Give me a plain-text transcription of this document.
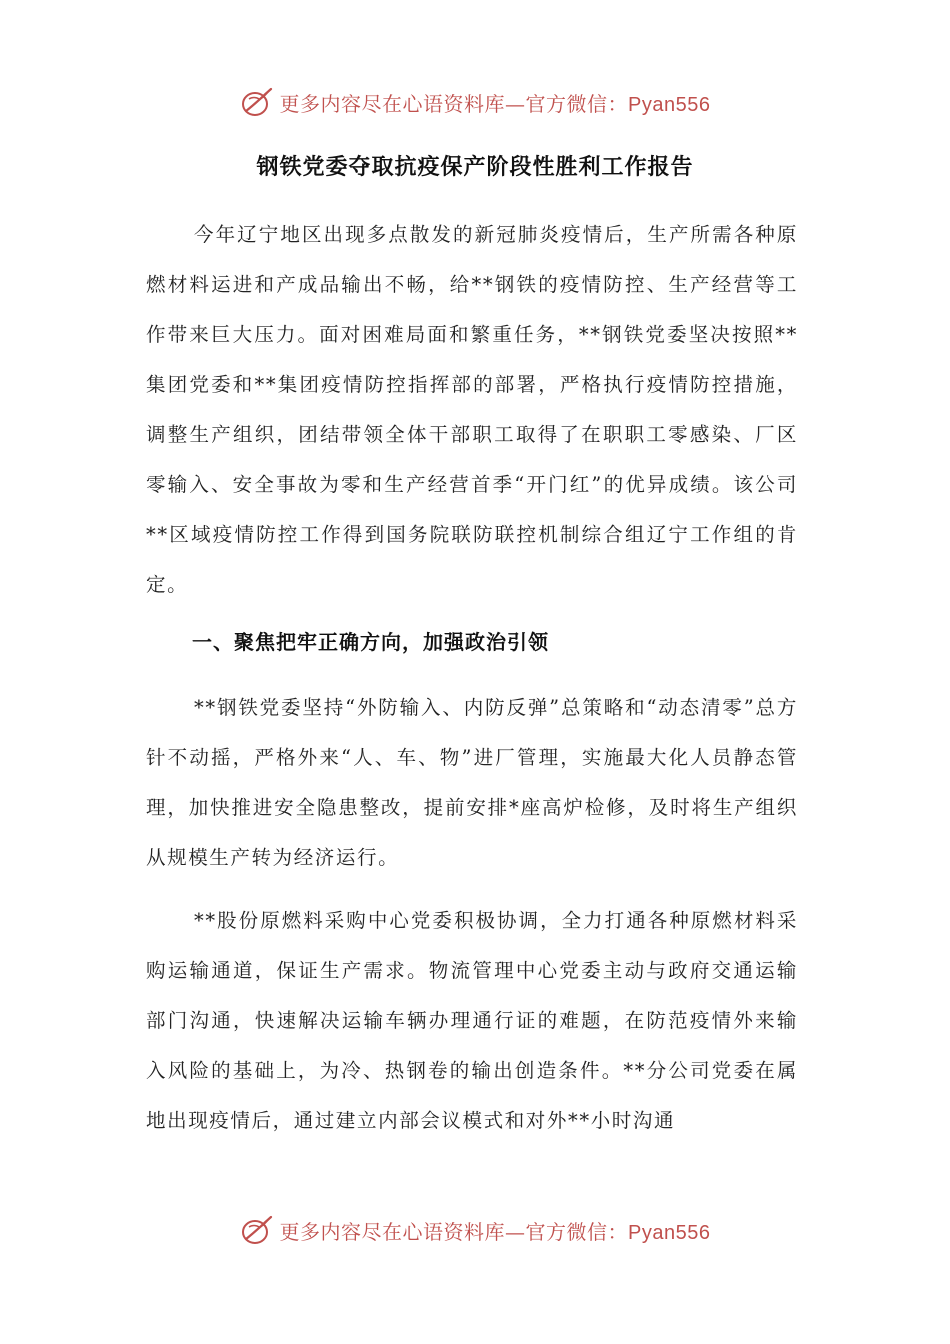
更多内容尽在心语资料库—官方微信：Pyan556
钢铁党委夺取抗疫保产阶段性胜利工作报告

今年辽宁地区出现多点散发的新冠肺炎疫情后，生产所需各种原燃材料运进和产成品输出不畅，给**钢铁的疫情防控、生产经营等工作带来巨大压力。面对困难局面和繁重任务，**钢铁党委坚决按照**集团党委和**集团疫情防控指挥部的部署，严格执行疫情防控措施，调整生产组织，团结带领全体干部职工取得了在职职工零感染、厂区零输入、安全事故为零和生产经营首季“开门红”的优异成绩。该公司**区域疫情防控工作得到国务院联防联控机制综合组辽宁工作组的肯定。

一、聚焦把牢正确方向，加强政治引领

**钢铁党委坚持“外防输入、内防反弹”总策略和“动态清零”总方针不动摇，严格外来“人、车、物”进厂管理，实施最大化人员静态管理，加快推进安全隐患整改，提前安排*座高炉检修，及时将生产组织从规模生产转为经济运行。

**股份原燃料采购中心党委积极协调，全力打通各种原燃材料采购运输通道，保证生产需求。物流管理中心党委主动与政府交通运输部门沟通，快速解决运输车辆办理通行证的难题，在防范疫情外来输入风险的基础上，为冷、热钢卷的输出创造条件。**分公司党委在属地出现疫情后，通过建立内部会议模式和对外**小时沟通

更多内容尽在心语资料库—官方微信：Pyan556
